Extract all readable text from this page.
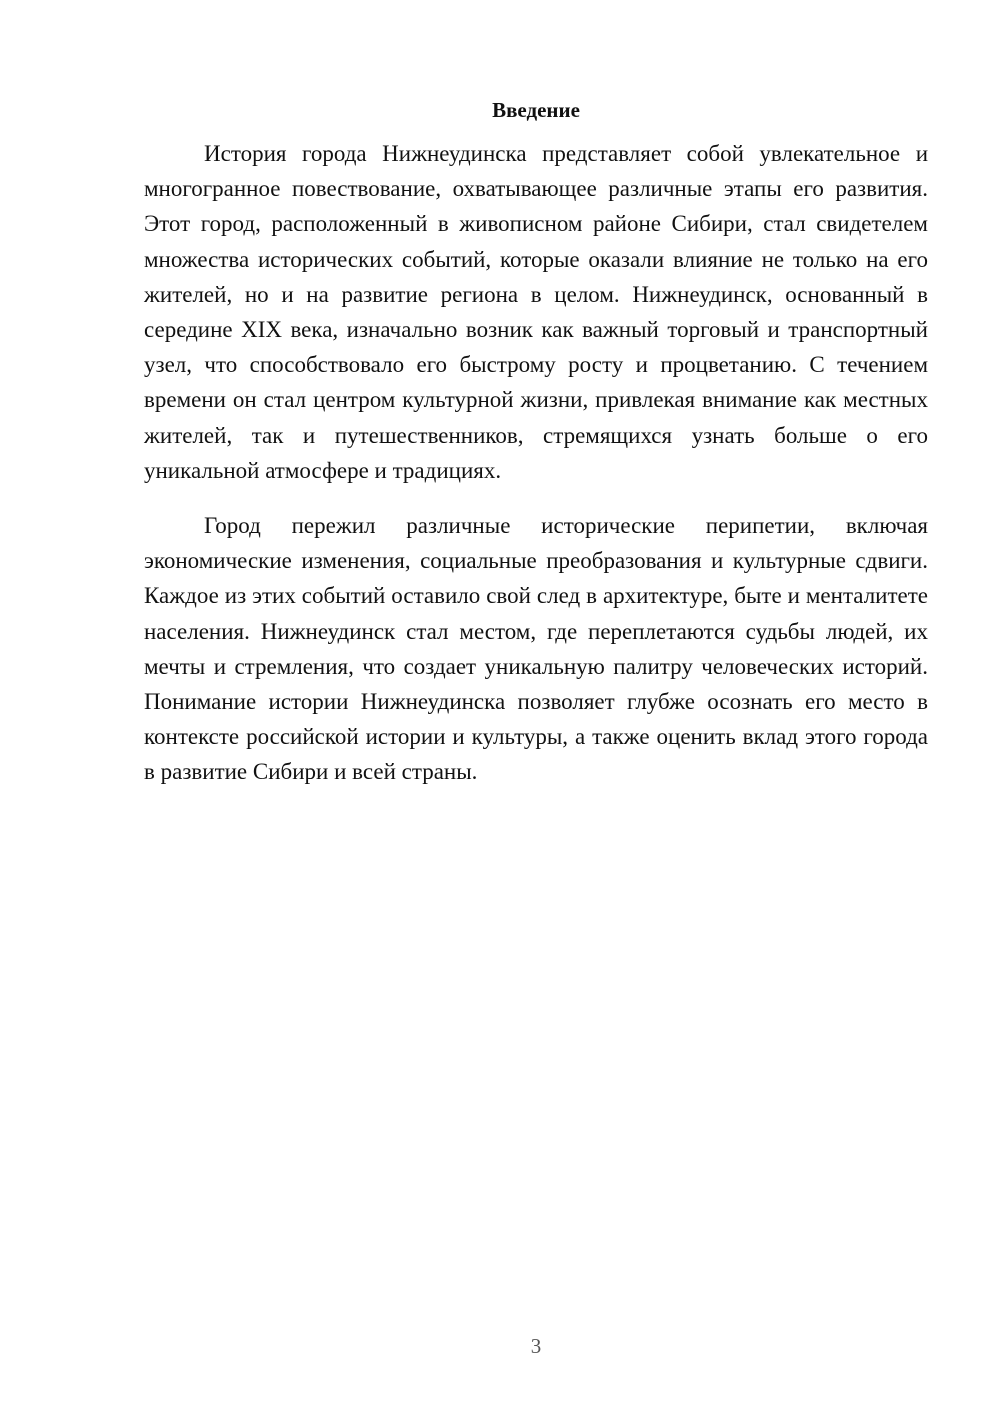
Введение

История города Нижнеудинска представляет собой увлекательное и многогранное повествование, охватывающее различные этапы его развития. Этот город, расположенный в живописном районе Сибири, стал свидетелем множества исторических событий, которые оказали влияние не только на его жителей, но и на развитие региона в целом. Нижнеудинск, основанный в середине XIX века, изначально возник как важный торговый и транспортный узел, что способствовало его быстрому росту и процветанию. С течением времени он стал центром культурной жизни, привлекая внимание как местных жителей, так и путешественников, стремящихся узнать больше о его уникальной атмосфере и традициях.

Город пережил различные исторические перипетии, включая экономические изменения, социальные преобразования и культурные сдвиги. Каждое из этих событий оставило свой след в архитектуре, быте и менталитете населения. Нижнеудинск стал местом, где переплетаются судьбы людей, их мечты и стремления, что создает уникальную палитру человеческих историй. Понимание истории Нижнеудинска позволяет глубже осознать его место в контексте российской истории и культуры, а также оценить вклад этого города в развитие Сибири и всей страны.

3
